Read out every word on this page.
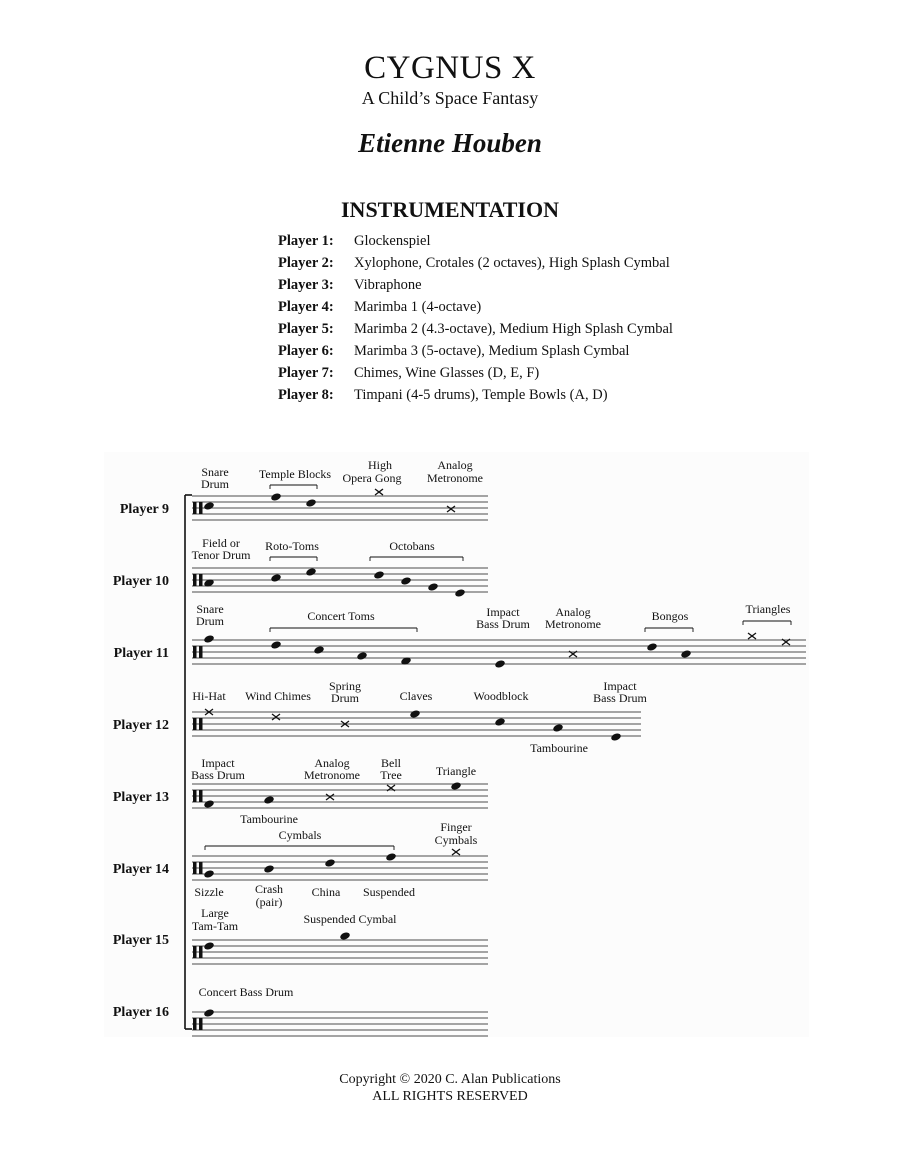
CYGNUS X
A Child’s Space Fantasy
Etienne Houben
INSTRUMENTATION
Player 1: Glockenspiel
Player 2: Xylophone, Crotales (2 octaves), High Splash Cymbal
Player 3: Vibraphone
Player 4: Marimba 1 (4-octave)
Player 5: Marimba 2 (4.3-octave), Medium High Splash Cymbal
Player 6: Marimba 3 (5-octave), Medium Splash Cymbal
Player 7: Chimes, Wine Glasses (D, E, F)
Player 8: Timpani (4-5 drums), Temple Bowls (A, D)
Player 9
Snare
Drum
Temple Blocks
High
Opera Gong
Analog
Metronome
Player 10
Field or
Tenor Drum
Roto-Toms	Octobans
Player 11
Snare
Drum	Concert Toms	Impact
Bass Drum
Analog
Metronome
Bongos	Triangles
Player 12
Hi-Hat Wind Chimes
Spring
Drum	Claves	Woodblock
Impact
Bass Drum
Tambourine
Player 13
Impact
Bass Drum
Analog
Metronome
Bell
Tree	Triangle
Player 14
Tambourine
Cymbals
Finger
Cymbals
Sizzle	Crash
(pair)
China Suspended
Player 15
Large
Tam-Tam	Suspended Cymbal
Player 16
Concert Bass Drum
Copyright © 2020 C. Alan Publications
ALL RIGHTS RESERVED
